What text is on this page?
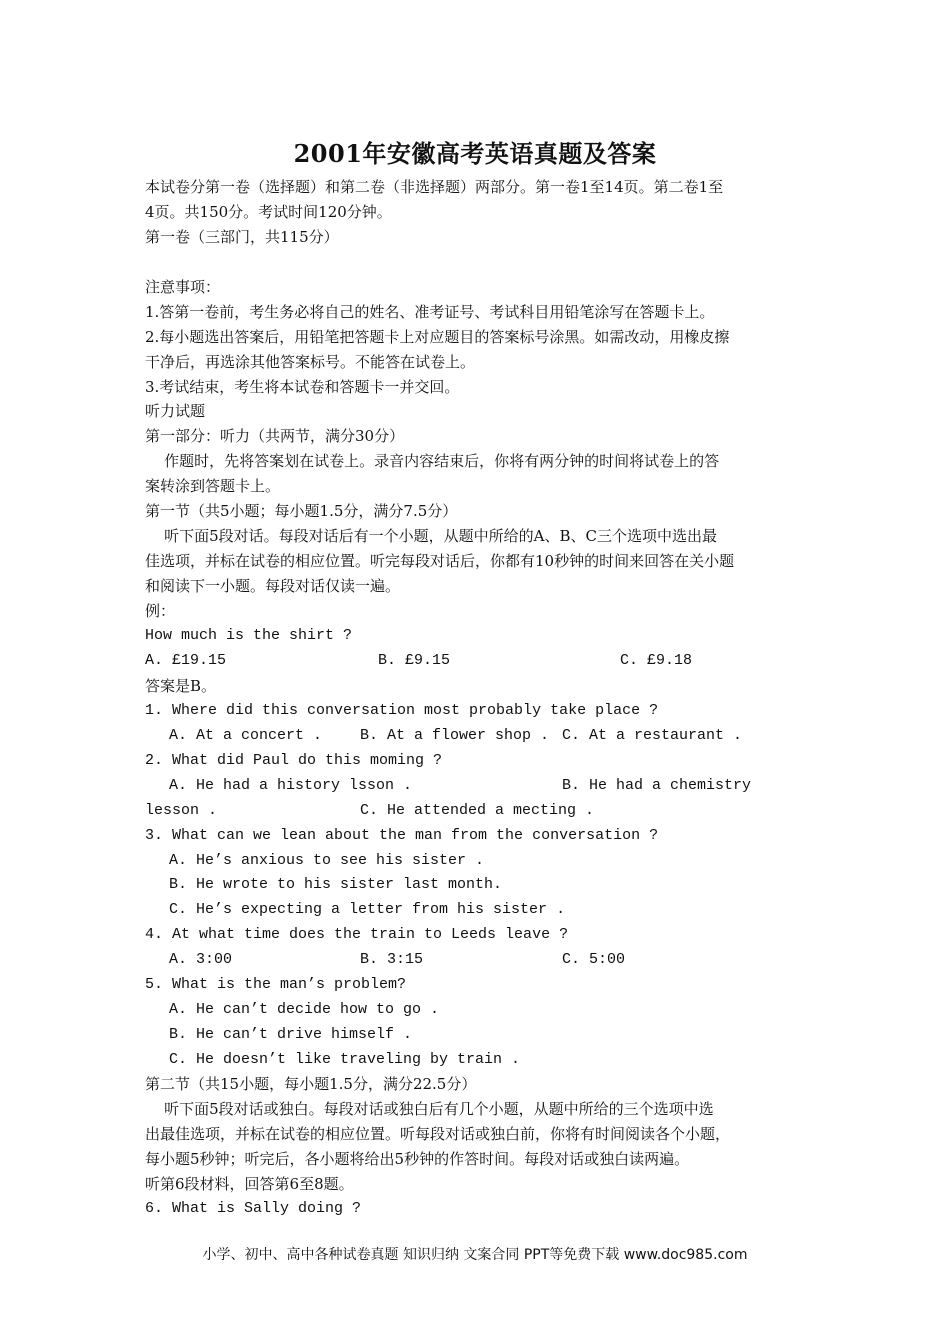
2001年安徽高考英语真题及答案
本试卷分第一卷（选择题）和第二卷（非选择题）两部分。第一卷1至14页。第二卷1至
4页。共150分。考试时间120分钟。
第一卷（三部门，共115分）
注意事项：
1.答第一卷前，考生务必将自己的姓名、准考证号、考试科目用铅笔涂写在答题卡上。
2.每小题选出答案后，用铅笔把答题卡上对应题目的答案标号涂黑。如需改动，用橡皮擦
干净后，再选涂其他答案标号。不能答在试卷上。
3.考试结束，考生将本试卷和答题卡一并交回。
听力试题
第一部分：听力（共两节，满分30分）
作题时，先将答案划在试卷上。录音内容结束后，你将有两分钟的时间将试卷上的答
案转涂到答题卡上。
第一节（共5小题；每小题1.5分，满分7.5分）
听下面5段对话。每段对话后有一个小题，从题中所给的A、B、C三个选项中选出最
佳选项，并标在试卷的相应位置。听完每段对话后，你都有10秒钟的时间来回答在关小题
和阅读下一小题。每段对话仅读一遍。
例：
How much is the shirt ?
A. £19.15	B. £9.15	C. £9.18
答案是B。
1. Where did this conversation most probably take place ?
A. At a concert .	B. At a flower shop . C. At a restaurant .
2. What did Paul do this moming ?
A. He had a history lsson .	B. He had a chemistry
lesson .	C. He attended a mecting .
3. What can we lean about the man from the conversation ?
A. He’s anxious to see his sister .
B. He wrote to his sister last month.
C. He’s expecting a letter from his sister .
4. At what time does the train to Leeds leave ?
A. 3:00	B. 3:15	C. 5:00
5. What is the man’s problem?
A. He can’t decide how to go .
B. He can’t drive himself .
C. He doesn’t like traveling by train .
第二节（共15小题，每小题1.5分，满分22.5分）
听下面5段对话或独白。每段对话或独白后有几个小题，从题中所给的三个选项中选
出最佳选项，并标在试卷的相应位置。听每段对话或独白前，你将有时间阅读各个小题，
每小题5秒钟；听完后，各小题将给出5秒钟的作答时间。每段对话或独白读两遍。
听第6段材料，回答第6至8题。
6. What is Sally doing ?
小学、初中、高中各种试卷真题 知识归纳 文案合同 PPT等免费下载 www.doc985.com
